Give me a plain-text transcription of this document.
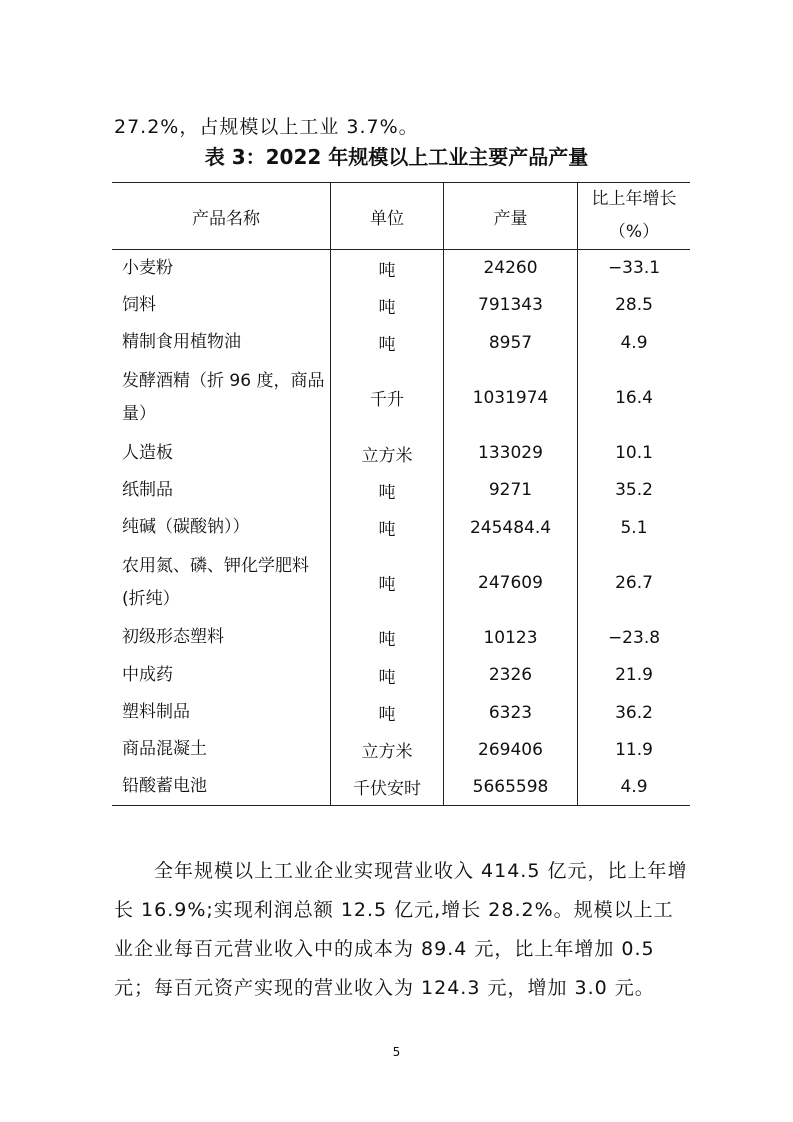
27.2%，占规模以上工业 3.7%。
表 3：2022 年规模以上工业主要产品产量
产品名称	单位	产量	比上年增长（%）
小麦粉	吨	24260	−33.1
饲料	吨	791343	28.5
精制食用植物油	吨	8957	4.9
发酵酒精（折 96 度，商品量）	千升	1031974	16.4
人造板	立方米	133029	10.1
纸制品	吨	9271	35.2
纯碱（碳酸钠））	吨	245484.4	5.1
农用氮、磷、钾化学肥料(折纯）	吨	247609	26.7
初级形态塑料	吨	10123	−23.8
中成药	吨	2326	21.9
塑料制品	吨	6323	36.2
商品混凝土	立方米	269406	11.9
铅酸蓄电池	千伏安时	5665598	4.9
全年规模以上工业企业实现营业收入 414.5 亿元，比上年增长 16.9%;实现利润总额 12.5 亿元,增长 28.2%。规模以上工业企业每百元营业收入中的成本为 89.4 元，比上年增加 0.5 元；每百元资产实现的营业收入为 124.3 元，增加 3.0 元。
5
